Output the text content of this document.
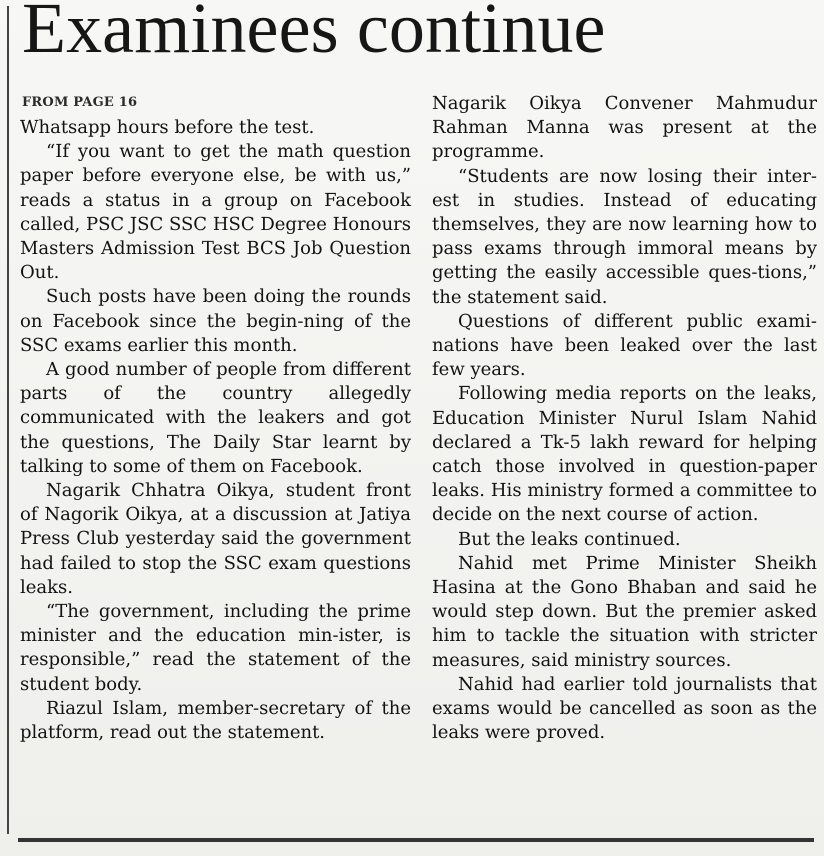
Examinees continue
FROM PAGE 16

Whatsapp hours before the test.

“If you want to get the math question paper before everyone else, be with us,” reads a status in a group on Facebook called, PSC JSC SSC HSC Degree Honours Masters Admission Test BCS Job Question Out.

Such posts have been doing the rounds on Facebook since the begin-ning of the SSC exams earlier this month.

A good number of people from different parts of the country allegedly communicated with the leakers and got the questions, The Daily Star learnt by talking to some of them on Facebook.

Nagarik Chhatra Oikya, student front of Nagorik Oikya, at a discussion at Jatiya Press Club yesterday said the government had failed to stop the SSC exam questions leaks.

“The government, including the prime minister and the education min-ister, is responsible,” read the statement of the student body.

Riazul Islam, member-secretary of the platform, read out the statement.

Nagarik Oikya Convener Mahmudur Rahman Manna was present at the programme.

“Students are now losing their inter-est in studies. Instead of educating themselves, they are now learning how to pass exams through immoral means by getting the easily accessible ques-tions,” the statement said.

Questions of different public exami-nations have been leaked over the last few years.

Following media reports on the leaks, Education Minister Nurul Islam Nahid declared a Tk-5 lakh reward for helping catch those involved in question-paper leaks. His ministry formed a committee to decide on the next course of action.

But the leaks continued.

Nahid met Prime Minister Sheikh Hasina at the Gono Bhaban and said he would step down. But the premier asked him to tackle the situation with stricter measures, said ministry sources.

Nahid had earlier told journalists that exams would be cancelled as soon as the leaks were proved.
